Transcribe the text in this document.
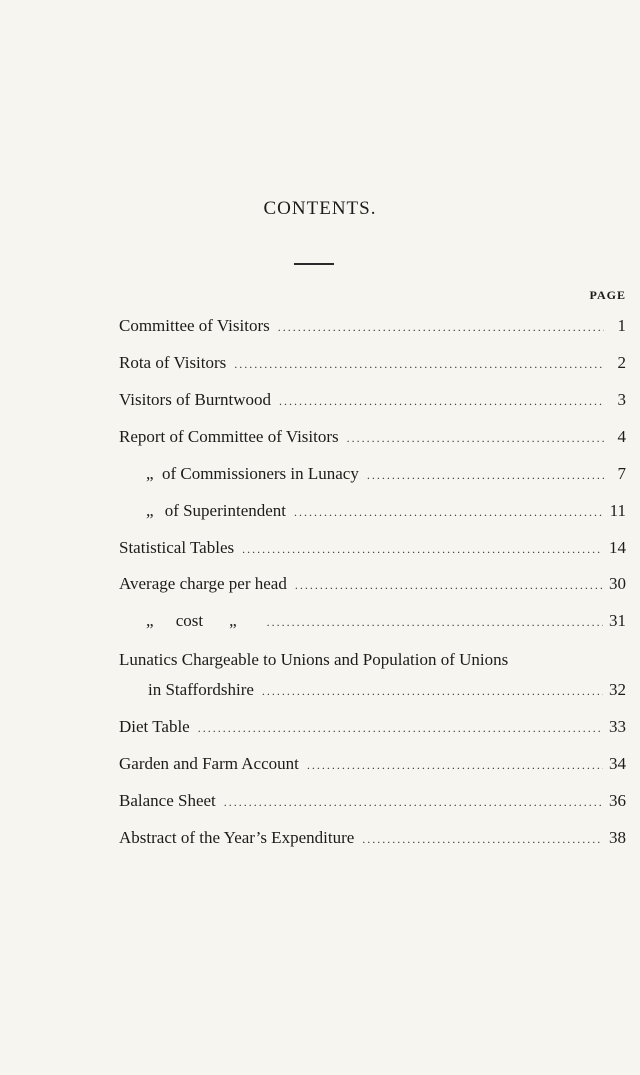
CONTENTS.
PAGE
Committee of Visitors .....	1
Rota of Visitors .....	2
Visitors of Burntwood .....	3
Report of Committee of Visitors .....	4
„ of Commissioners in Lunacy .....	7
„ of Superintendent .....	11
Statistical Tables .....	14
Average charge per head .....	30
„	cost „ .....	31
Lunatics Chargeable to Unions and Population of Unions
in Staffordshire .....	32
Diet Table .....	33
Garden and Farm Account .....	34
Balance Sheet .....	36
Abstract of the Year’s Expenditure .....	38
